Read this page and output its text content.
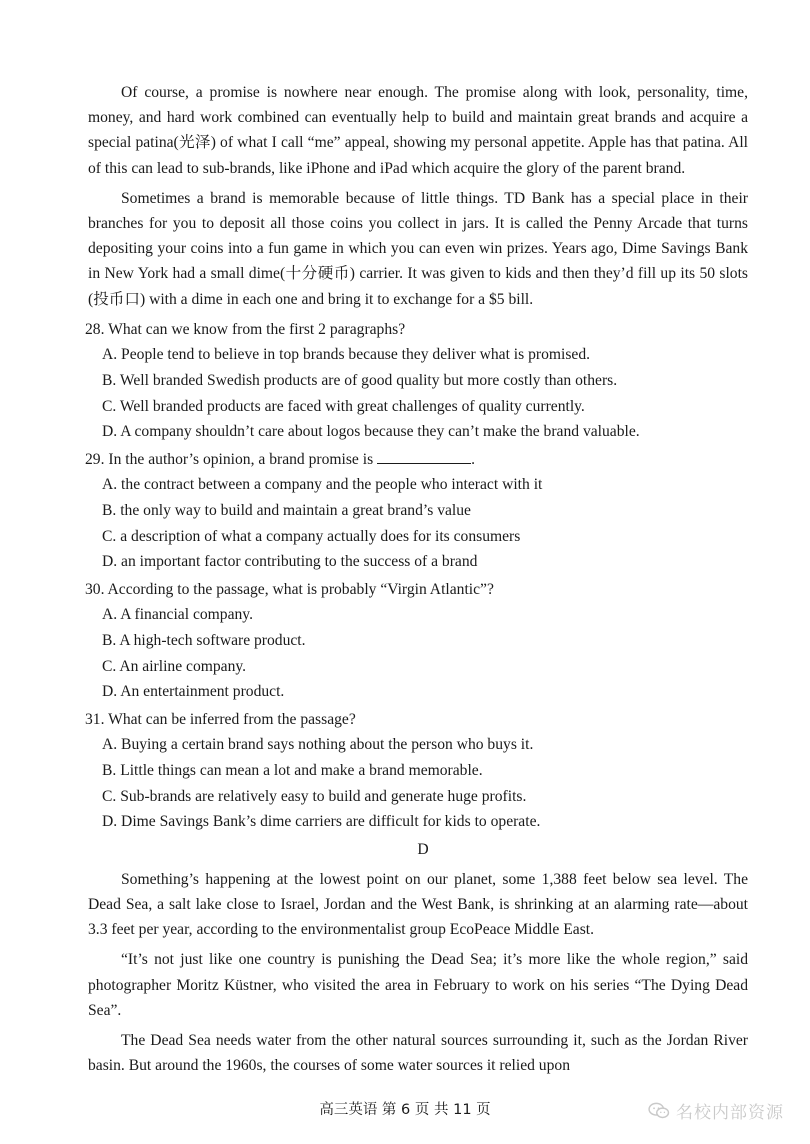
Of course, a promise is nowhere near enough. The promise along with look, personality, time, money, and hard work combined can eventually help to build and maintain great brands and acquire a special patina(光泽) of what I call “me” appeal, showing my personal appetite. Apple has that patina. All of this can lead to sub-brands, like iPhone and iPad which acquire the glory of the parent brand.

Sometimes a brand is memorable because of little things. TD Bank has a special place in their branches for you to deposit all those coins you collect in jars. It is called the Penny Arcade that turns depositing your coins into a fun game in which you can even win prizes. Years ago, Dime Savings Bank in New York had a small dime(十分硬币) carrier. It was given to kids and then they’d fill up its 50 slots (投币口) with a dime in each one and bring it to exchange for a $5 bill.

28. What can we know from the first 2 paragraphs?
A. People tend to believe in top brands because they deliver what is promised.
B. Well branded Swedish products are of good quality but more costly than others.
C. Well branded products are faced with great challenges of quality currently.
D. A company shouldn’t care about logos because they can’t make the brand valuable.
29. In the author’s opinion, a brand promise is	.
A. the contract between a company and the people who interact with it
B. the only way to build and maintain a great brand’s value
C. a description of what a company actually does for its consumers
D. an important factor contributing to the success of a brand
30. According to the passage, what is probably “Virgin Atlantic”?
A. A financial company.B. A high-tech software product. C. An airline company.D. An entertainment product.
31. What can be inferred from the passage?
A. Buying a certain brand says nothing about the person who buys it.
B. Little things can mean a lot and make a brand memorable.
C. Sub-brands are relatively easy to build and generate huge profits.
D. Dime Savings Bank’s dime carriers are difficult for kids to operate.
D

Something’s happening at the lowest point on our planet, some 1,388 feet below sea level. The Dead Sea, a salt lake close to Israel, Jordan and the West Bank, is shrinking at an alarming rate—about 3.3 feet per year, according to the environmentalist group EcoPeace Middle East.

“It’s not just like one country is punishing the Dead Sea; it’s more like the whole region,” said photographer Moritz Küstner, who visited the area in February to work on his series “The Dying Dead Sea”.

The Dead Sea needs water from the other natural sources surrounding it, such as the Jordan River basin. But around the 1960s, the courses of some water sources it relied upon

高三英语 第 6 页 共 11 页	名校内部资源
